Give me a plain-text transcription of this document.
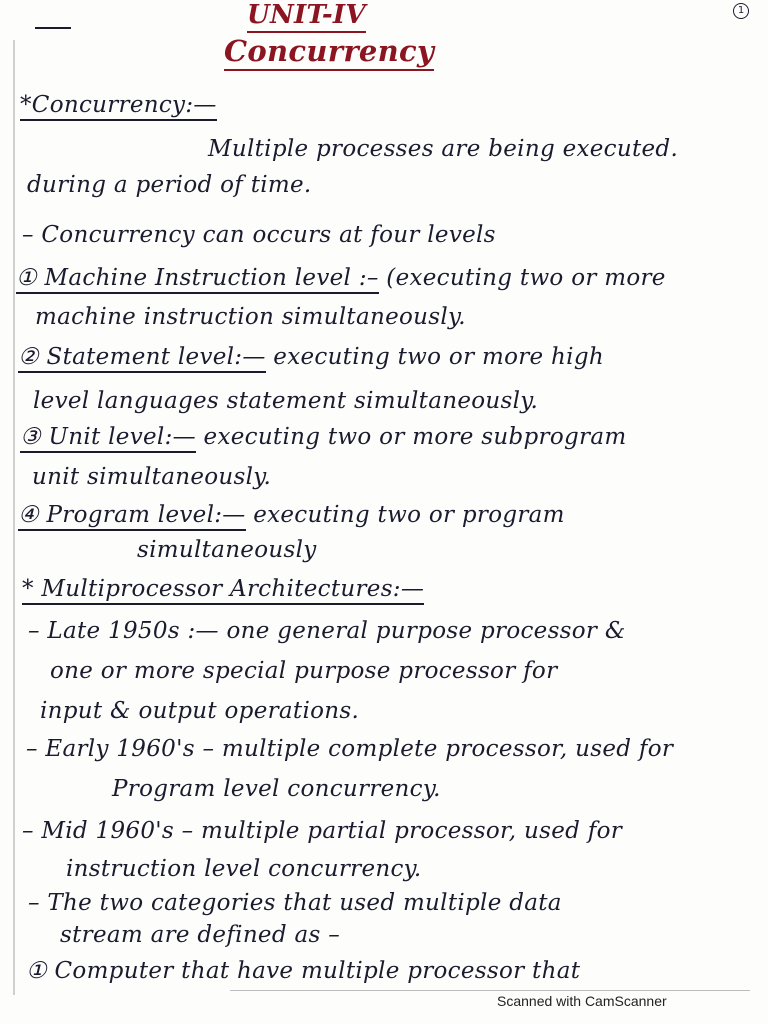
1
UNIT-IV
Concurrency
*Concurrency:—
Multiple processes are being executed.
during a period of time.
– Concurrency can occurs at four levels
① Machine Instruction level :– (executing two or more
machine instruction simultaneously.
② Statement level:— executing two or more high
level languages statement simultaneously.
③ Unit level:— executing two or more subprogram
unit simultaneously.
④ Program level:— executing two or program
simultaneously
* Multiprocessor Architectures:—
– Late 1950s :— one general purpose processor &
one or more special purpose processor for
input & output operations.
– Early 1960's – multiple complete processor, used for
Program level concurrency.
– Mid 1960's – multiple partial processor, used for
instruction level concurrency.
– The two categories that used multiple data
stream are defined as –
① Computer that have multiple processor that
Scanned with CamScanner
